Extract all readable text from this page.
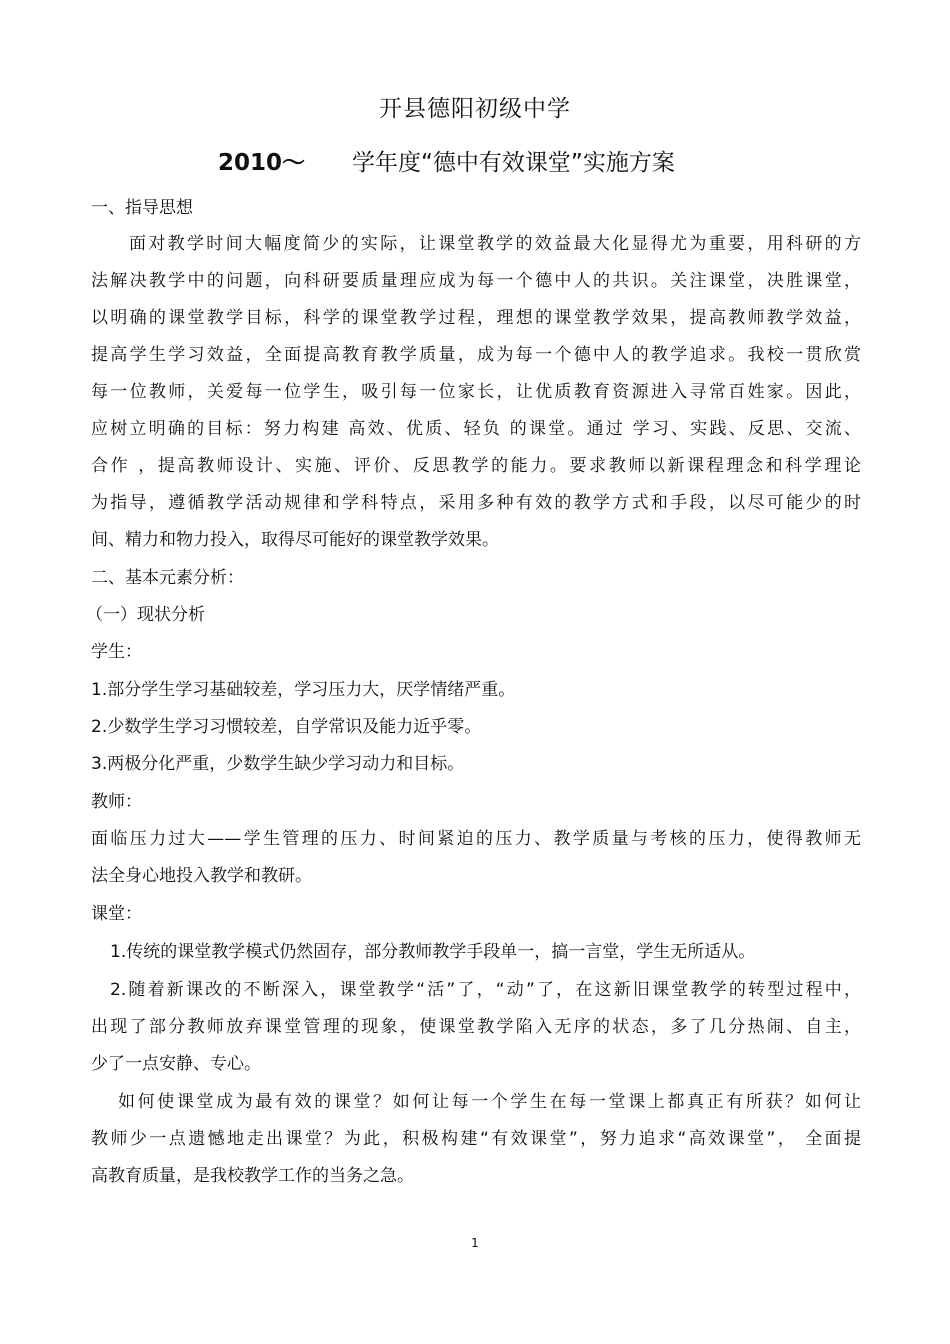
开县德阳初级中学
2010～ 学年度“德中有效课堂”实施方案
一、指导思想
面对教学时间大幅度简少的实际，让课堂教学的效益最大化显得尤为重要，用科研的方
法解决教学中的问题，向科研要质量理应成为每一个德中人的共识。关注课堂，决胜课堂，
以明确的课堂教学目标，科学的课堂教学过程，理想的课堂教学效果，提高教师教学效益，
提高学生学习效益，全面提高教育教学质量，成为每一个德中人的教学追求。我校一贯欣赏
每一位教师，关爱每一位学生，吸引每一位家长，让优质教育资源进入寻常百姓家。因此，
应树立明确的目标：努力构建 高效、优质、轻负 的课堂。通过 学习、实践、反思、交流、
合作 ，提高教师设计、实施、评价、反思教学的能力。要求教师以新课程理念和科学理论
为指导，遵循教学活动规律和学科特点，采用多种有效的教学方式和手段，以尽可能少的时
间、精力和物力投入，取得尽可能好的课堂教学效果。
二、基本元素分析：
（一）现状分析
学生：
1.部分学生学习基础较差，学习压力大，厌学情绪严重。
2.少数学生学习习惯较差，自学常识及能力近乎零。
3.两极分化严重，少数学生缺少学习动力和目标。
教师：
面临压力过大——学生管理的压力、时间紧迫的压力、教学质量与考核的压力，使得教师无
法全身心地投入教学和教研。
课堂：
1.传统的课堂教学模式仍然固存，部分教师教学手段单一，搞一言堂，学生无所适从。
2.随着新课改的不断深入，课堂教学“活”了，“动”了，在这新旧课堂教学的转型过程中，
出现了部分教师放弃课堂管理的现象，使课堂教学陷入无序的状态，多了几分热闹、自主，
少了一点安静、专心。
如何使课堂成为最有效的课堂？如何让每一个学生在每一堂课上都真正有所获？如何让
教师少一点遗憾地走出课堂？为此，积极构建“有效课堂”，努力追求“高效课堂”， 全面提
高教育质量，是我校教学工作的当务之急。
1
